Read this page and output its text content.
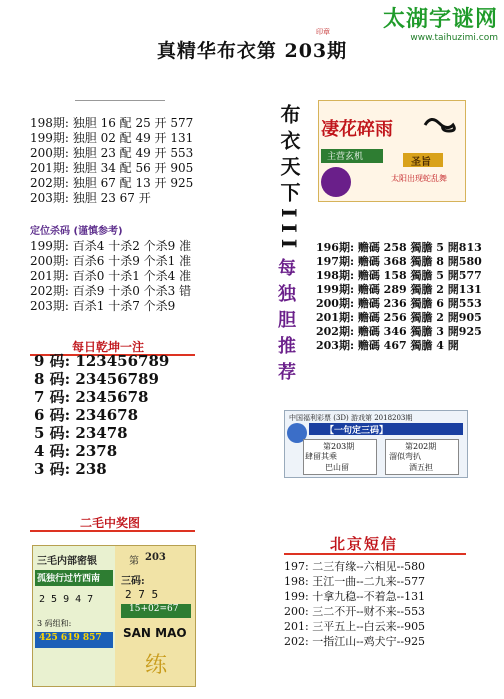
太湖字谜网
www.taihuzimi.com
真精华布衣第 203期
印章
198期: 独胆 16 配 25 开 577
199期: 独胆 02 配 49 开 131
200期: 独胆 23 配 49 开 553
201期: 独胆 34 配 56 开 905
202期: 独胆 67 配 13 开 925
203期: 独胆 23 67 开
定位杀码 (谨慎参考)
199期: 百杀4 十杀2 个杀9 准
200期: 百杀6 十杀9 个杀1 准
201期: 百杀0 十杀1 个杀4 准
202期: 百杀9 十杀0 个杀3 错
203期: 百杀1 十杀7 个杀9
每日乾坤一注
9 码: 123456789
8 码: 23456789
7 码: 2345678
6 码: 234678
5 码: 23478
4 码: 2378
3 码: 238
二毛中奖图
三毛内部密银
孤独行过竹西南
2 5 9 4 7
3 码组和:
425 619 857
第 203
三码:
2 7 5
15+02=67
SAN MAO
练
布衣天下III 凄花碎雨
主营玄机	圣旨
太阳出现蛇乱舞
每独胆推荐
196期: 赡碼 258 獨膽 5 開813
197期: 赡碼 368 獨膽 8 開580
198期: 赡碼 158 獨膽 5 開577
199期: 赡碼 289 獨膽 2 開131
200期: 赡碼 236 獨膽 6 開553
201期: 赡碼 256 獨膽 2 開905
202期: 赡碼 346 獨膽 3 開925
203期: 赡碼 467 獨膽 4 開
中国福利彩票 (3D) 游戏第 2018203期
【一句定三码】
第203期
肆留其乘
巴山留
第202期
溜似弯扒
酒五担
北京短信
197: 二三有缘--六相见--580
198: 王江一曲--二九来--577
199: 十拿九稳--不着急--131
200: 三二不开--财不来--553
201: 三平五上--白云来--905
202: 一指江山--鸡犬宁--925
